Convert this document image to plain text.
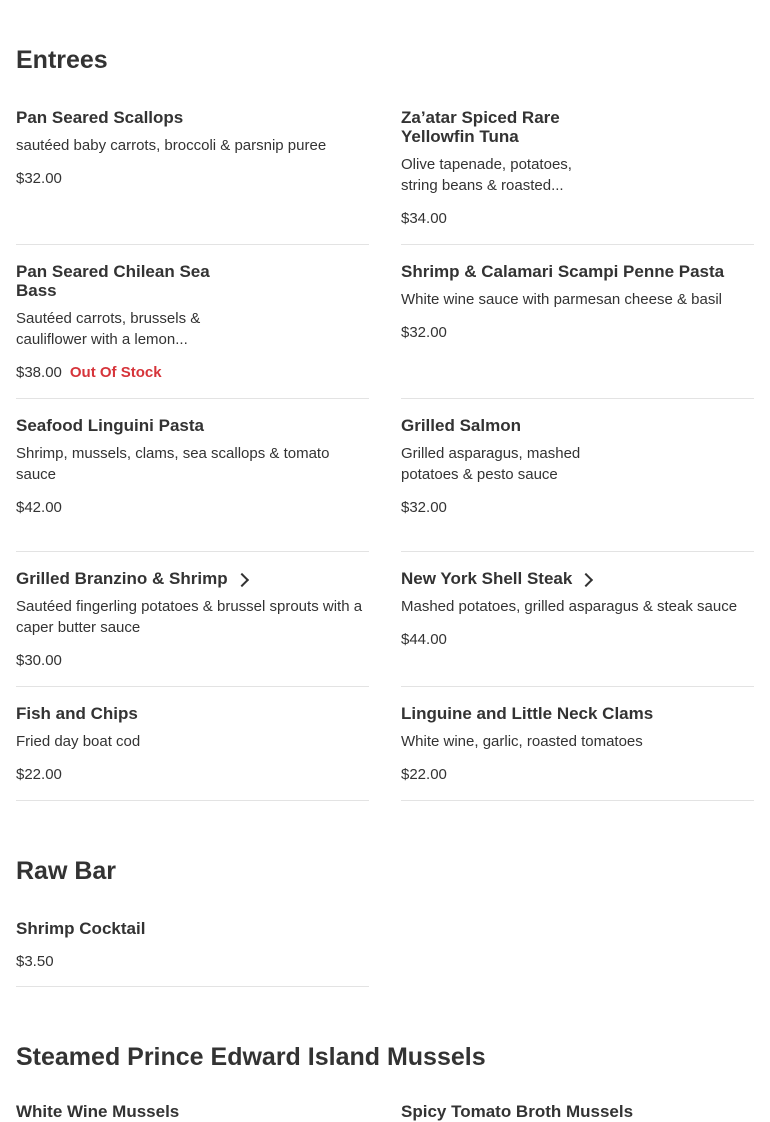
Entrees
Pan Seared Scallops

sautéed baby carrots, broccoli & parsnip puree

$32.00
Za’atar Spiced Rare Yellowfin Tuna

Olive tapenade, potatoes, string beans & roasted...

$34.00
Pan Seared Chilean Sea Bass

Sautéed carrots, brussels & cauliflower with a lemon...

$38.00 Out Of Stock
Shrimp & Calamari Scampi Penne Pasta

White wine sauce with parmesan cheese & basil

$32.00
Seafood Linguini Pasta

Shrimp, mussels, clams, sea scallops & tomato sauce

$42.00
Grilled Salmon

Grilled asparagus, mashed potatoes & pesto sauce

$32.00
Grilled Branzino & Shrimp

Sautéed fingerling potatoes & brussel sprouts with a caper butter sauce

$30.00
New York Shell Steak

Mashed potatoes, grilled asparagus & steak sauce

$44.00
Fish and Chips

Fried day boat cod

$22.00
Linguine and Little Neck Clams

White wine, garlic, roasted tomatoes

$22.00
Raw Bar
Shrimp Cocktail
$3.50
Steamed Prince Edward Island Mussels
White Wine Mussels	Spicy Tomato Broth Mussels
